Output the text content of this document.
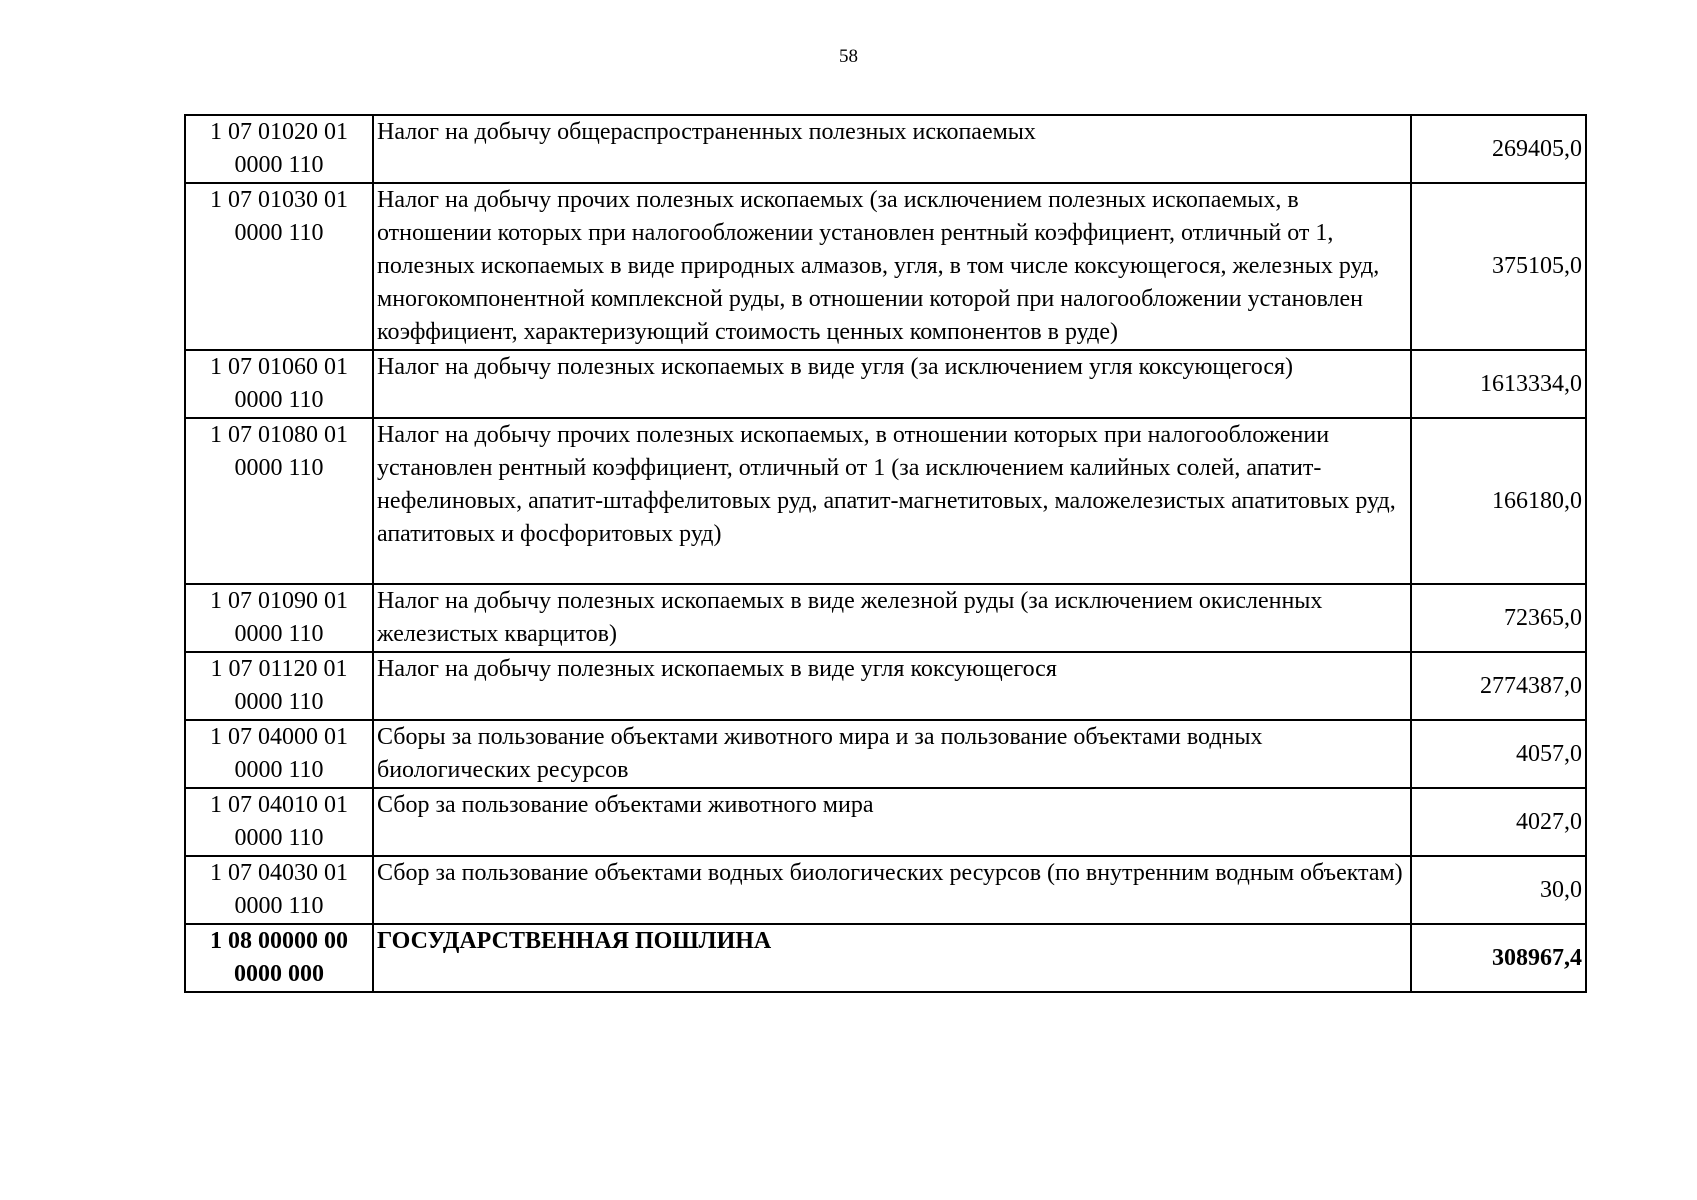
58
1 07 01020 01
0000 110	Налог на добычу общераспространенных полезных ископаемых	269405,0

1 07 01030 01
0000 110	Налог на добычу прочих полезных ископаемых (за исключением полезных ископаемых, в отношении которых при налогообложении установлен рентный коэффициент, отличный от 1, полезных ископаемых в виде природных алмазов, угля, в том числе коксующегося, железных руд, многокомпонентной комплексной руды, в отношении которой при налогообложении установлен коэффициент, характеризующий стоимость ценных компонентов в руде)	375105,0

1 07 01060 01
0000 110	Налог на добычу полезных ископаемых в виде угля (за исключением угля коксующегося)	1613334,0

1 07 01080 01
0000 110	Налог на добычу прочих полезных ископаемых, в отношении которых при налогообложении установлен рентный коэффициент, отличный от 1 (за исключением калийных солей, апатит-нефелиновых, апатит-штаффелитовых руд, апатит-магнетитовых, маложелезистых апатитовых руд, апатитовых и фосфоритовых руд)	166180,0

1 07 01090 01
0000 110	Налог на добычу полезных ископаемых в виде железной руды (за исключением окисленных железистых кварцитов)	72365,0

1 07 01120 01
0000 110	Налог на добычу полезных ископаемых в виде угля коксующегося	2774387,0

1 07 04000 01
0000 110	Сборы за пользование объектами животного мира и за пользование объектами водных биологических ресурсов	4057,0

1 07 04010 01
0000 110	Сбор за пользование объектами животного мира	4027,0

1 07 04030 01
0000 110	Сбор за пользование объектами водных биологических ресурсов (по внутренним водным объектам)	30,0

1 08 00000 00
0000 000	ГОСУДАРСТВЕННАЯ ПОШЛИНА	308967,4
